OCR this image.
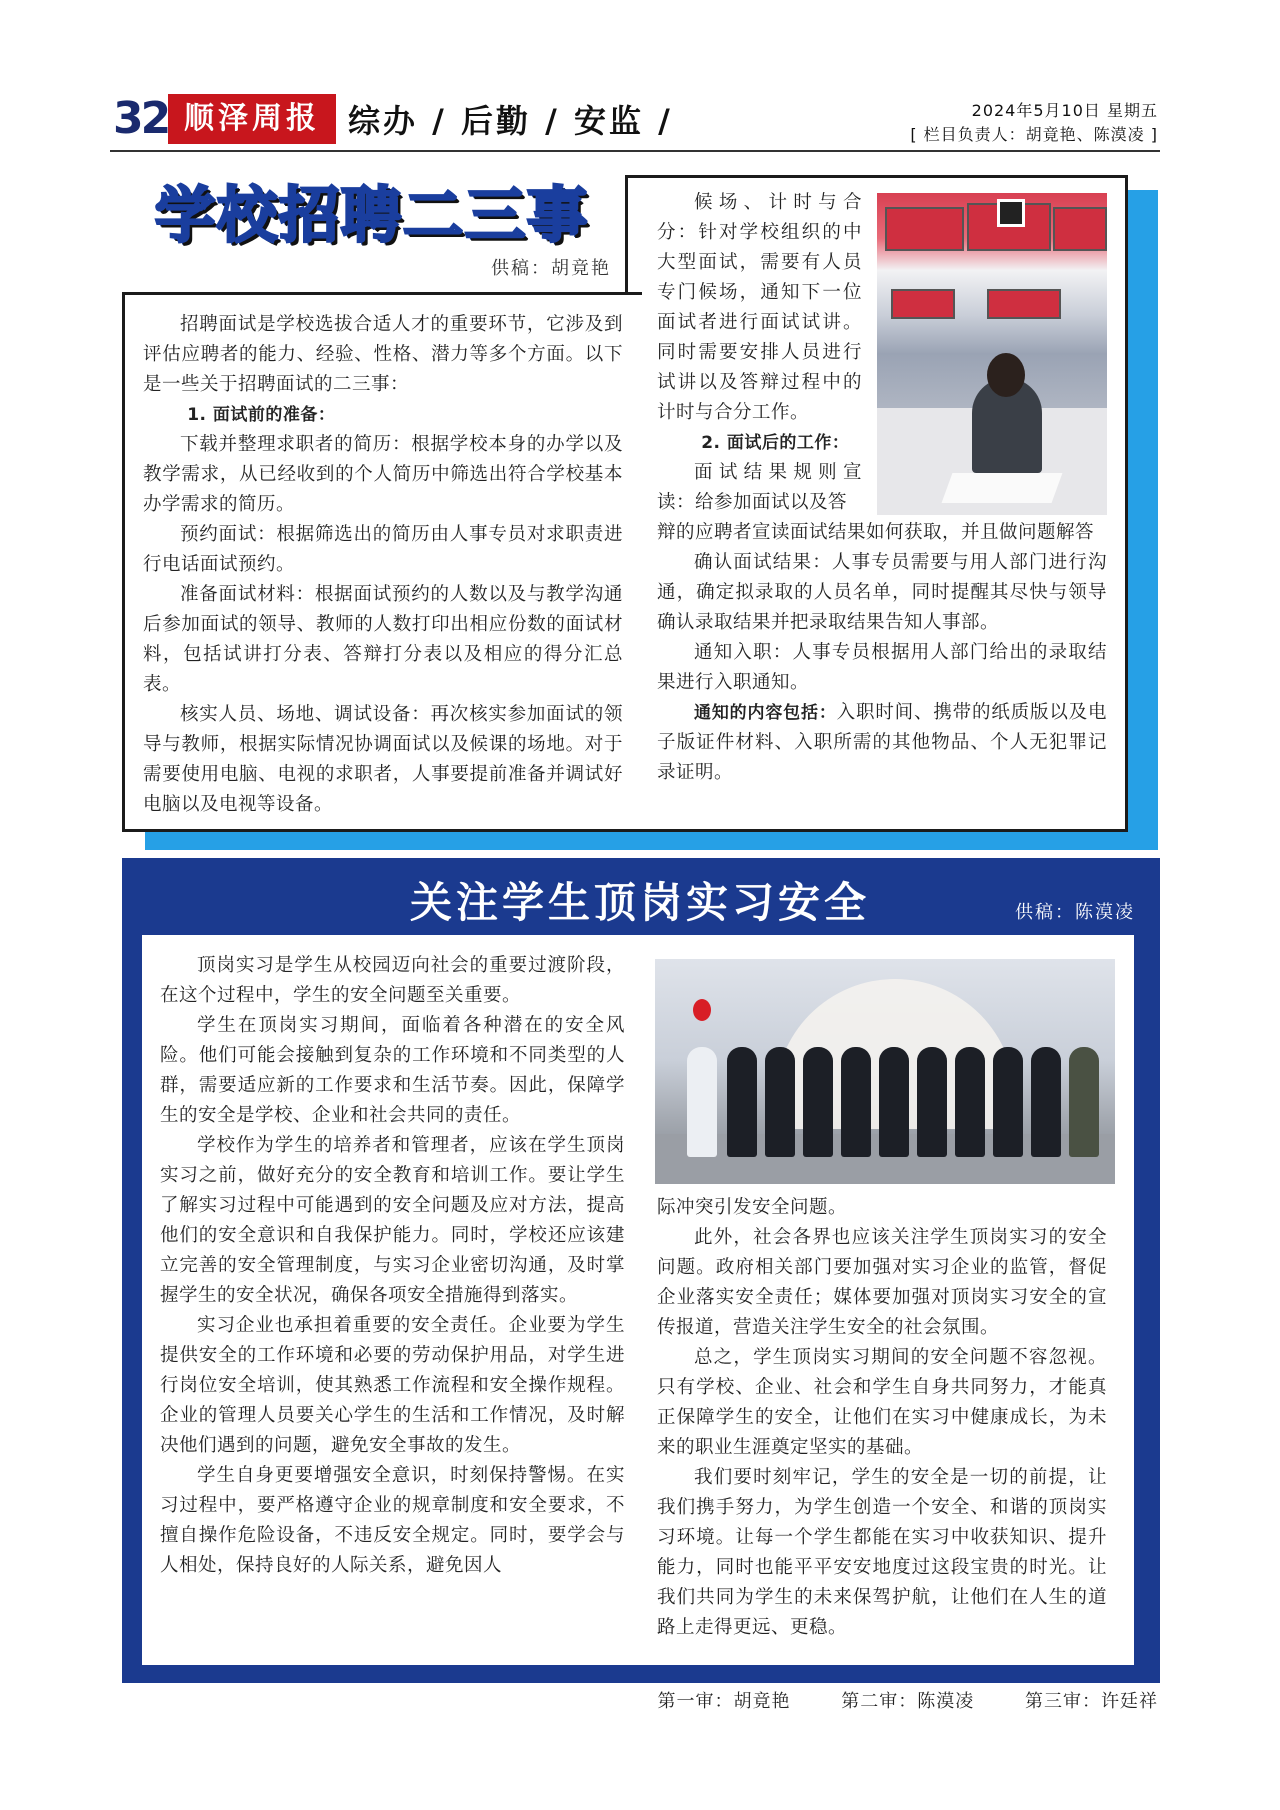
32 顺泽周报 综办 / 后勤 / 安监 /	2024年5月10日 星期五
[ 栏目负责人：胡竟艳、陈漠凌 ]
学校招聘二三事
供稿：胡竟艳

招聘面试是学校选拔合适人才的重要环节，它涉及到评估应聘者的能力、经验、性格、潜力等多个方面。以下是一些关于招聘面试的二三事：

1. 面试前的准备：

下载并整理求职者的简历：根据学校本身的办学以及教学需求，从已经收到的个人简历中筛选出符合学校基本办学需求的简历。

预约面试：根据筛选出的简历由人事专员对求职责进行电话面试预约。

准备面试材料：根据面试预约的人数以及与教学沟通后参加面试的领导、教师的人数打印出相应份数的面试材料，包括试讲打分表、答辩打分表以及相应的得分汇总表。

核实人员、场地、调试设备：再次核实参加面试的领导与教师，根据实际情况协调面试以及候课的场地。对于需要使用电脑、电视的求职者，人事要提前准备并调试好电脑以及电视等设备。

候场、计时与合分：针对学校组织的中大型面试，需要有人员专门候场，通知下一位面试者进行面试试讲。同时需要安排人员进行试讲以及答辩过程中的计时与合分工作。

2. 面试后的工作：

面试结果规则宣读：给参加面试以及答

辩的应聘者宣读面试结果如何获取，并且做问题解答

确认面试结果：人事专员需要与用人部门进行沟通，确定拟录取的人员名单，同时提醒其尽快与领导确认录取结果并把录取结果告知人事部。

通知入职：人事专员根据用人部门给出的录取结果进行入职通知。

通知的内容包括：入职时间、携带的纸质版以及电子版证件材料、入职所需的其他物品、个人无犯罪记录证明。

关注学生顶岗实习安全	供稿：陈漠凌

顶岗实习是学生从校园迈向社会的重要过渡阶段，在这个过程中，学生的安全问题至关重要。

学生在顶岗实习期间，面临着各种潜在的安全风险。他们可能会接触到复杂的工作环境和不同类型的人群，需要适应新的工作要求和生活节奏。因此，保障学生的安全是学校、企业和社会共同的责任。

学校作为学生的培养者和管理者，应该在学生顶岗实习之前，做好充分的安全教育和培训工作。要让学生了解实习过程中可能遇到的安全问题及应对方法，提高他们的安全意识和自我保护能力。同时，学校还应该建立完善的安全管理制度，与实习企业密切沟通，及时掌握学生的安全状况，确保各项安全措施得到落实。

实习企业也承担着重要的安全责任。企业要为学生提供安全的工作环境和必要的劳动保护用品，对学生进行岗位安全培训，使其熟悉工作流程和安全操作规程。企业的管理人员要关心学生的生活和工作情况，及时解决他们遇到的问题，避免安全事故的发生。

学生自身更要增强安全意识，时刻保持警惕。在实习过程中，要严格遵守企业的规章制度和安全要求，不擅自操作危险设备，不违反安全规定。同时，要学会与人相处，保持良好的人际关系，避免因人

际冲突引发安全问题。

此外，社会各界也应该关注学生顶岗实习的安全问题。政府相关部门要加强对实习企业的监管，督促企业落实安全责任；媒体要加强对顶岗实习安全的宣传报道，营造关注学生安全的社会氛围。

总之，学生顶岗实习期间的安全问题不容忽视。只有学校、企业、社会和学生自身共同努力，才能真正保障学生的安全，让他们在实习中健康成长，为未来的职业生涯奠定坚实的基础。

我们要时刻牢记，学生的安全是一切的前提，让我们携手努力，为学生创造一个安全、和谐的顶岗实习环境。让每一个学生都能在实习中收获知识、提升能力，同时也能平平安安地度过这段宝贵的时光。让我们共同为学生的未来保驾护航，让他们在人生的道路上走得更远、更稳。

第一审：胡竟艳	第二审：陈漠凌	第三审：许廷祥
